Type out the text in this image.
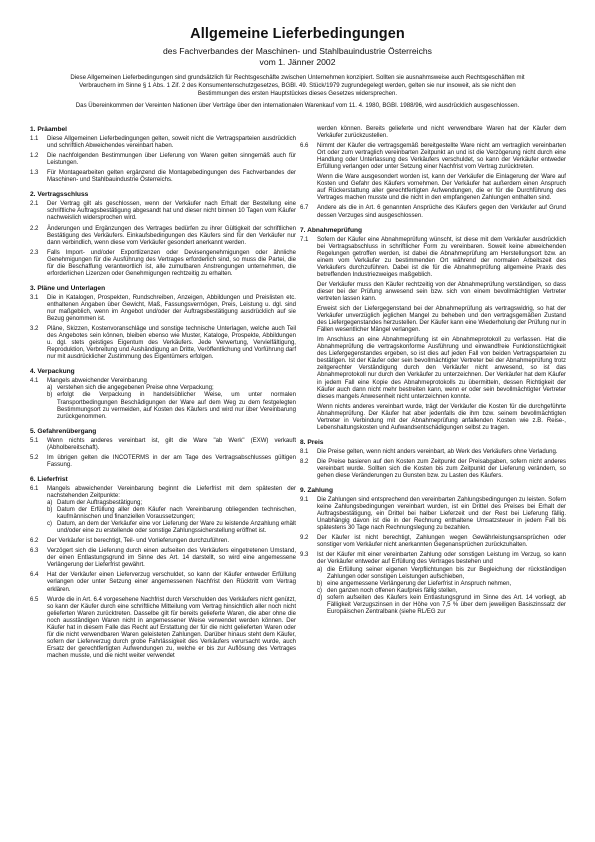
Allgemeine Lieferbedingungen
des Fachverbandes der Maschinen- und Stahlbauindustrie Österreichs
vom 1. Jänner 2002
Diese Allgemeinen Lieferbedingungen sind grundsätzlich für Rechtsgeschäfte zwischen Unternehmen konzipiert. Sollten sie ausnahmsweise auch Rechtsgeschäften mit
Verbrauchern im Sinne § 1 Abs. 1 Zif. 2 des Konsumentenschutzgesetzes, BGBl. 49. Stück/1979 zugrundegelegt werden, gelten sie nur insoweit, als sie nicht den
Bestimmungen des ersten Hauptstückes dieses Gesetzes widersprechen.
Das Übereinkommen der Vereinten Nationen über Verträge über den internationalen Warenkauf vom 11. 4. 1980, BGBl. 1988/96, wird ausdrücklich ausgeschlossen.
1. Präambel
1.1	Diese Allgemeinen Lieferbedingungen gelten, soweit nicht die Vertragsparteien ausdrücklich und schriftlich Abweichendes vereinbart haben.
1.2	Die nachfolgenden Bestimmungen über Lieferung von Waren gelten sinngemäß auch für Leistungen.
1.3	Für Montagearbeiten gelten ergänzend die Montagebedingungen des Fachverbandes der Maschinen- und Stahlbauindustrie Österreichs.
2. Vertragsschluss
2.1	Der Vertrag gilt als geschlossen, wenn der Verkäufer nach Erhalt der Bestellung eine schriftliche Auftragsbestätigung abgesandt hat und dieser nicht binnen 10 Tagen vom Käufer nachweislich widersprochen wird.
2.2	Änderungen und Ergänzungen des Vertrages bedürfen zu ihrer Gültigkeit der schriftlichen Bestätigung des Verkäufers. Einkaufsbedingungen des Käufers sind für den Verkäufer nur dann verbindlich, wenn diese vom Verkäufer gesondert anerkannt werden.
2.3	Falls Import- und/oder Exportlizenzen oder Devisengenehmigungen oder ähnliche Genehmigungen für die Ausführung des Vertrages erforderlich sind, so muss die Partei, die für die Beschaffung verantwortlich ist, alle zumutbaren Anstrengungen unternehmen, die erforderlichen Lizenzen oder Genehmigungen rechtzeitig zu erhalten.
3. Pläne und Unterlagen
3.1	Die in Katalogen, Prospekten, Rundschreiben, Anzeigen, Abbildungen und Preislisten etc. enthaltenen Angaben über Gewicht, Maß, Fassungsvermögen, Preis, Leistung u. dgl. sind nur maßgeblich, wenn im Angebot und/oder der Auftragsbestätigung ausdrücklich auf sie Bezug genommen ist.
3.2	Pläne, Skizzen, Kostenvoranschläge und sonstige technische Unterlagen, welche auch Teil des Angebotes sein können, bleiben ebenso wie Muster, Kataloge, Prospekte, Abbildungen u. dgl. stets geistiges Eigentum des Verkäufers. Jede Verwertung, Vervielfältigung, Reproduktion, Verbreitung und Aushändigung an Dritte, Veröffentlichung und Vorführung darf nur mit ausdrücklicher Zustimmung des Eigentümers erfolgen.
4. Verpackung
4.1	Mangels abweichender Vereinbarung
a) verstehen sich die angegebenen Preise ohne Verpackung;
b) erfolgt die Verpackung in handelsüblicher Weise, um unter normalen Transportbedingungen Beschädigungen der Ware auf dem Weg zu dem festgelegten Bestimmungsort zu vermeiden, auf Kosten des Käufers und wird nur über Vereinbarung zurückgenommen.
5. Gefahrenübergang
5.1	Wenn nichts anderes vereinbart ist, gilt die Ware "ab Werk" (EXW) verkauft (Abholbereitschaft).
5.2	Im übrigen gelten die INCOTERMS in der am Tage des Vertragsabschlusses gültigen Fassung.
6. Lieferfrist
6.1	Mangels abweichender Vereinbarung beginnt die Lieferfrist mit dem spätesten der nachstehenden Zeitpunkte:
a) Datum der Auftragsbestätigung;
b) Datum der Erfüllung aller dem Käufer nach Vereinbarung obliegenden technischen, kaufmännischen und finanziellen Voraussetzungen;
c) Datum, an dem der Verkäufer eine vor Lieferung der Ware zu leistende Anzahlung erhält und/oder eine zu erstellende oder sonstige Zahlungssicherstellung eröffnet ist.
6.2	Der Verkäufer ist berechtigt, Teil- und Vorlieferungen durchzuführen.
6.3	Verzögert sich die Lieferung durch einen aufseiten des Verkäufers eingetretenen Umstand, der einen Entlastungsgrund im Sinne des Art. 14 darstellt, so wird eine angemessene Verlängerung der Lieferfrist gewährt.
6.4	Hat der Verkäufer einen Lieferverzug verschuldet, so kann der Käufer entweder Erfüllung verlangen oder unter Setzung einer angemessenen Nachfrist den Rücktritt vom Vertrag erklären.
6.5	Wurde die in Art. 6.4 vorgesehene Nachfrist durch Verschulden des Verkäufers nicht genützt, so kann der Käufer durch eine schriftliche Mitteilung vom Vertrag hinsichtlich aller noch nicht gelieferten Waren zurücktreten. Dasselbe gilt für bereits gelieferte Waren, die aber ohne die noch ausständigen Waren nicht in angemessener Weise verwendet werden können. Der Käufer hat in diesem Falle das Recht auf Erstattung der für die nicht gelieferten Waren oder für die nicht verwendbaren Waren geleisteten Zahlungen. Darüber hinaus steht dem Käufer, sofern der Lieferverzug durch grobe Fahrlässigkeit des Verkäufers verursacht wurde, auch Ersatz der gerechtfertigten Aufwendungen zu, welche er bis zur Auflösung des Vertrages machen musste, und die nicht weiter verwendet
werden können. Bereits gelieferte und nicht verwendbare Waren hat der Käufer dem Verkäufer zurückzustellen.
6.6	Nimmt der Käufer die vertragsgemäß bereitgestellte Ware nicht am vertraglich vereinbarten Ort oder zum vertraglich vereinbarten Zeitpunkt an und ist die Verzögerung nicht durch eine Handlung oder Unterlassung des Verkäufers verschuldet, so kann der Verkäufer entweder Erfüllung verlangen oder unter Setzung einer Nachfrist vom Vertrag zurücktreten.
Wenn die Ware ausgesondert worden ist, kann der Verkäufer die Einlagerung der Ware auf Kosten und Gefahr des Käufers vornehmen. Der Verkäufer hat außerdem einen Anspruch auf Rückerstattung aller gerechtfertigten Aufwendungen, die er für die Durchführung des Vertrages machen musste und die nicht in den empfangenen Zahlungen enthalten sind.
6.7	Andere als die in Art. 6 genannten Ansprüche des Käufers gegen den Verkäufer auf Grund dessen Verzuges sind ausgeschlossen.
7. Abnahmeprüfung
7.1	Sofern der Käufer eine Abnahmeprüfung wünscht, ist diese mit dem Verkäufer ausdrücklich bei Vertragsabschluss in schriftlicher Form zu vereinbaren. Soweit keine abweichenden Regelungen getroffen werden, ist dabei die Abnahmeprüfung am Herstellungsort bzw. an einem vom Verkäufer zu bestimmenden Ort während der normalen Arbeitszeit des Verkäufers durchzuführen. Dabei ist die für die Abnahmeprüfung allgemeine Praxis des betreffenden Industriezweiges maßgeblich.
Der Verkäufer muss den Käufer rechtzeitig von der Abnahmeprüfung verständigen, so dass dieser bei der Prüfung anwesend sein bzw. sich von einem bevollmächtigten Vertreter vertreten lassen kann.
Erweist sich der Liefergegenstand bei der Abnahmeprüfung als vertragswidrig, so hat der Verkäufer unverzüglich jeglichen Mangel zu beheben und den vertragsgemäßen Zustand des Liefergegenstandes herzustellen. Der Käufer kann eine Wiederholung der Prüfung nur in Fällen wesentlicher Mängel verlangen.
Im Anschluss an eine Abnahmeprüfung ist ein Abnahmeprotokoll zu verfassen. Hat die Abnahmeprüfung die vertragskonforme Ausführung und einwandfreie Funktionstüchtigkeit des Liefergegenstandes ergeben, so ist dies auf jeden Fall von beiden Vertragsparteien zu bestätigen. Ist der Käufer oder sein bevollmächtigter Vertreter bei der Abnahmeprüfung trotz zeitgerechter Verständigung durch den Verkäufer nicht anwesend, so ist das Abnahmeprotokoll nur durch den Verkäufer zu unterzeichnen. Der Verkäufer hat dem Käufer in jedem Fall eine Kopie des Abnahmeprotokolls zu übermitteln, dessen Richtigkeit der Käufer auch dann nicht mehr bestreiten kann, wenn er oder sein bevollmächtigter Vertreter dieses mangels Anwesenheit nicht unterzeichnen konnte.
Wenn nichts anderes vereinbart wurde, trägt der Verkäufer die Kosten für die durchgeführte Abnahmeprüfung. Der Käufer hat aber jedenfalls die ihm bzw. seinem bevollmächtigten Vertreter in Verbindung mit der Abnahmeprüfung anfallenden Kosten wie z.B. Reise-, Lebenshaltungskosten und Aufwandsentschädigungen selbst zu tragen.
8. Preis
8.1	Die Preise gelten, wenn nicht anders vereinbart, ab Werk des Verkäufers ohne Verladung.
8.2	Die Preise basieren auf den Kosten zum Zeitpunkt der Preisabgaben, sofern nicht anderes vereinbart wurde. Sollten sich die Kosten bis zum Zeitpunkt der Lieferung verändern, so gehen diese Veränderungen zu Gunsten bzw. zu Lasten des Käufers.
9. Zahlung
9.1	Die Zahlungen sind entsprechend den vereinbarten Zahlungsbedingungen zu leisten. Sofern keine Zahlungsbedingungen vereinbart wurden, ist ein Drittel des Preises bei Erhalt der Auftragsbestätigung, ein Drittel bei halber Lieferzeit und der Rest bei Lieferung fällig. Unabhängig davon ist die in der Rechnung enthaltene Umsatzsteuer in jedem Fall bis spätestens 30 Tage nach Rechnungslegung zu bezahlen.
9.2	Der Käufer ist nicht berechtigt, Zahlungen wegen Gewährleistungsansprüchen oder sonstiger vom Verkäufer nicht anerkannten Gegenansprüchen zurückzuhalten.
9.3	Ist der Käufer mit einer vereinbarten Zahlung oder sonstigen Leistung im Verzug, so kann der Verkäufer entweder auf Erfüllung des Vertrages bestehen und
a) die Erfüllung seiner eigenen Verpflichtungen bis zur Begleichung der rückständigen Zahlungen oder sonstigen Leistungen aufschieben,
b) eine angemessene Verlängerung der Lieferfrist in Anspruch nehmen,
c) den ganzen noch offenen Kaufpreis fällig stellen,
d) sofern aufseiten des Käufers kein Entlastungsgrund im Sinne des Art. 14 vorliegt, ab Fälligkeit Verzugszinsen in der Höhe von 7,5 % über dem jeweiligen Basiszinssatz der Europäischen Zentralbank (siehe RL/EG zur
